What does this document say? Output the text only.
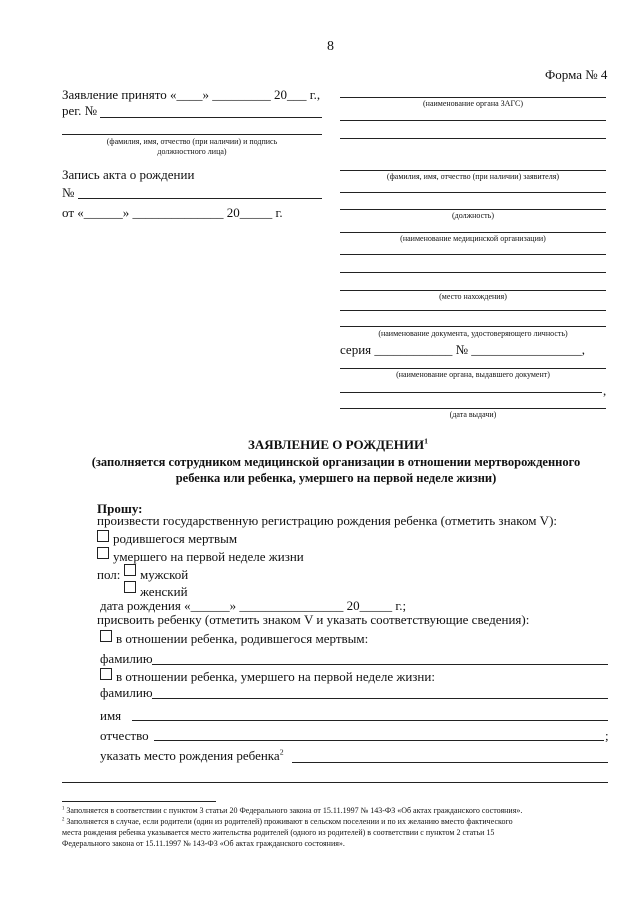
8
Форма № 4
Заявление принято «____» _________ 20___ г.,
рег. №
(фамилия, имя, отчество (при наличии) и подпись
должностного лица)
Запись акта о рождении
№
от «______» ______________ 20_____ г.
(наименование органа ЗАГС)
(фамилия, имя, отчество (при наличии) заявителя)
(должность)
(наименование медицинской организации)
(место нахождения)
(наименование документа, удостоверяющего личность)
серия ____________ № _________________,
(наименование органа, выдавшего документ)
,
(дата выдачи)
ЗАЯВЛЕНИЕ О РОЖДЕНИИ$^1$
(заполняется сотрудником медицинской организации в отношении мертворожденного
ребенка или ребенка, умершего на первой неделе жизни)
Прошу:
произвести государственную регистрацию рождения ребенка (отметить знаком V):
родившегося мертвым
умершего на первой неделе жизни
пол: мужской
женский
дата рождения «______» ________________ 20_____ г.;
присвоить ребенку (отметить знаком V и указать соответствующие сведения):
в отношении ребенка, родившегося мертвым:
фамилию
в отношении ребенка, умершего на первой неделе жизни:
фамилию
имя
отчество	;
указать место рождения ребенка$^2$
$^1$ Заполняется в соответствии с пунктом 3 статьи 20 Федерального закона от 15.11.1997 № 143-ФЗ «Об актах гражданского состояния».
$^2$ Заполняется в случае, если родители (один из родителей) проживают в сельском поселении и по их желанию вместо фактического
места рождения ребенка указывается место жительства родителей (одного из родителей) в соответствии с пунктом 2 статьи 15
Федерального закона от 15.11.1997 № 143-ФЗ «Об актах гражданского состояния».
